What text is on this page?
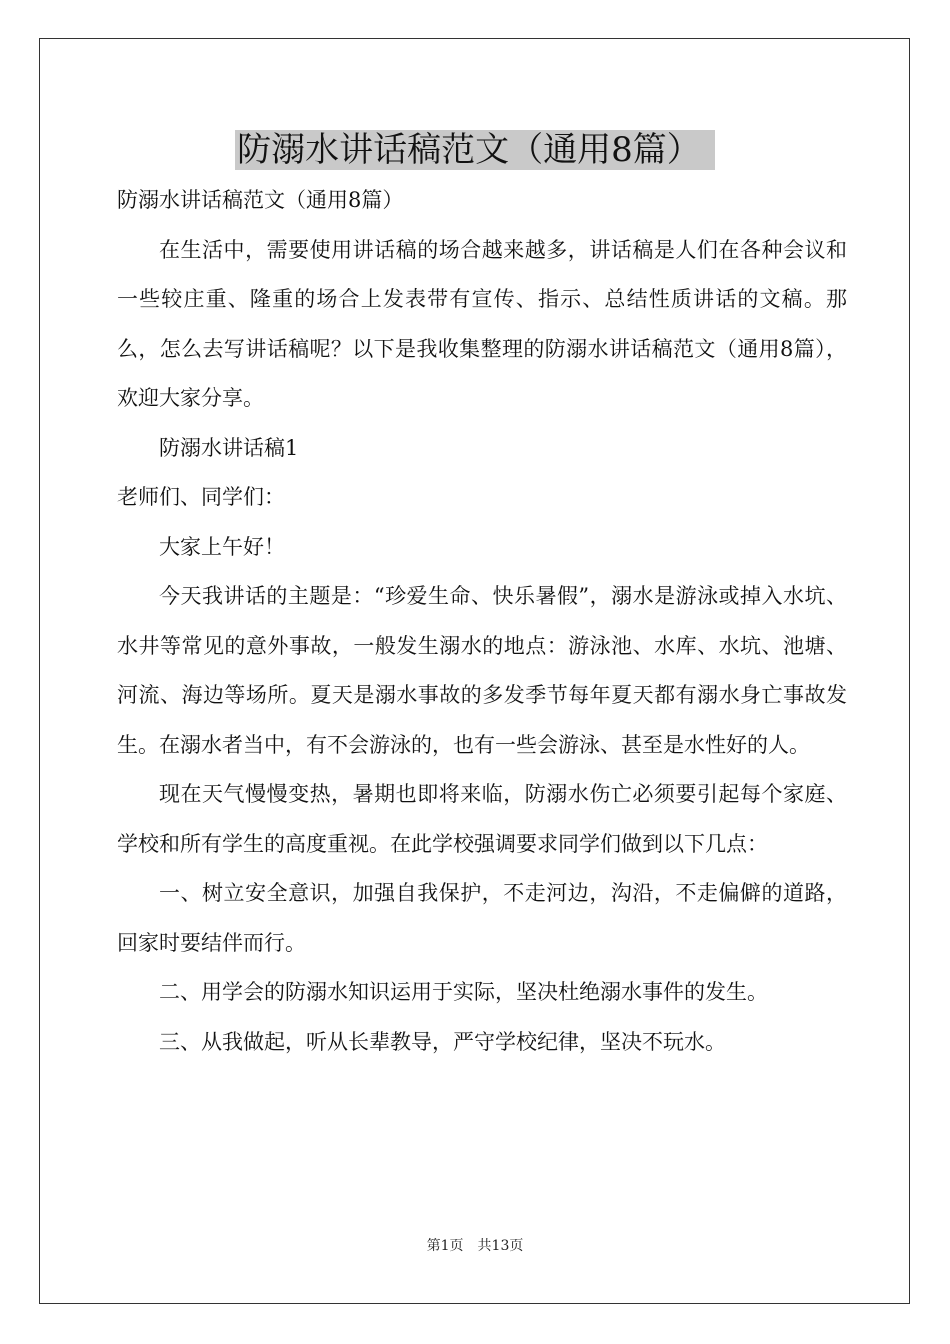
防溺水讲话稿范文（通用8篇）

防溺水讲话稿范文（通用8篇）

在生活中，需要使用讲话稿的场合越来越多，讲话稿是人们在各种会议和一些较庄重、隆重的场合上发表带有宣传、指示、总结性质讲话的文稿。那么，怎么去写讲话稿呢？以下是我收集整理的防溺水讲话稿范文（通用8篇），欢迎大家分享。

防溺水讲话稿1

老师们、同学们：

大家上午好！

今天我讲话的主题是：“珍爱生命、快乐暑假”，溺水是游泳或掉入水坑、水井等常见的意外事故，一般发生溺水的地点：游泳池、水库、水坑、池塘、河流、海边等场所。夏天是溺水事故的多发季节每年夏天都有溺水身亡事故发生。在溺水者当中，有不会游泳的，也有一些会游泳、甚至是水性好的人。

现在天气慢慢变热，暑期也即将来临，防溺水伤亡必须要引起每个家庭、学校和所有学生的高度重视。在此学校强调要求同学们做到以下几点：

一、树立安全意识，加强自我保护，不走河边，沟沿，不走偏僻的道路，回家时要结伴而行。

二、用学会的防溺水知识运用于实际，坚决杜绝溺水事件的发生。

三、从我做起，听从长辈教导，严守学校纪律，坚决不玩水。

第1页 共13页
